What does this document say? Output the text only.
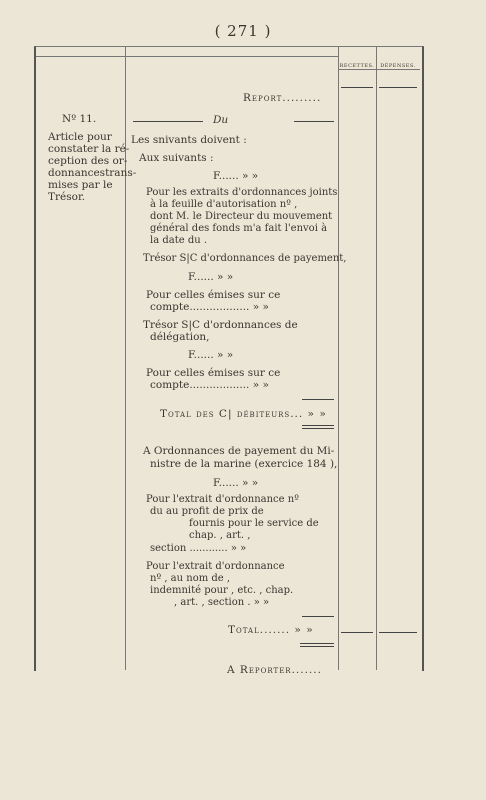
( 271 )
RECETTES.	DÉPENSES.
Nº 11.
Article pour
constater la ré-
ception des or-
donnancestrans-
mises par le
Trésor.
Report.........
Du
Les snivants doivent :
Aux suivants :
F...... » »
Pour les extraits d'ordonnances joints
à la feuille d'autorisation nº ,
dont M. le Directeur du mouvement
général des fonds m'a fait l'envoi à
la date du .
Trésor S|C d'ordonnances de payement,
F...... » »
Pour celles émises sur ce
compte.................. » »
Trésor S|C d'ordonnances de
délégation,
F...... » »
Pour celles émises sur ce
compte.................. » »
Total des C| débiteurs... » »
A Ordonnances de payement du Mi-
nistre de la marine (exercice 184 ),
F...... » »
Pour l'extrait d'ordonnance nº
du au profit de prix de
fournis pour le service de
chap. , art. ,
section ............ » »
Pour l'extrait d'ordonnance
nº , au nom de ,
indemnité pour , etc. , chap.
, art. , section . » »
Total....... » »
A Reporter.......
